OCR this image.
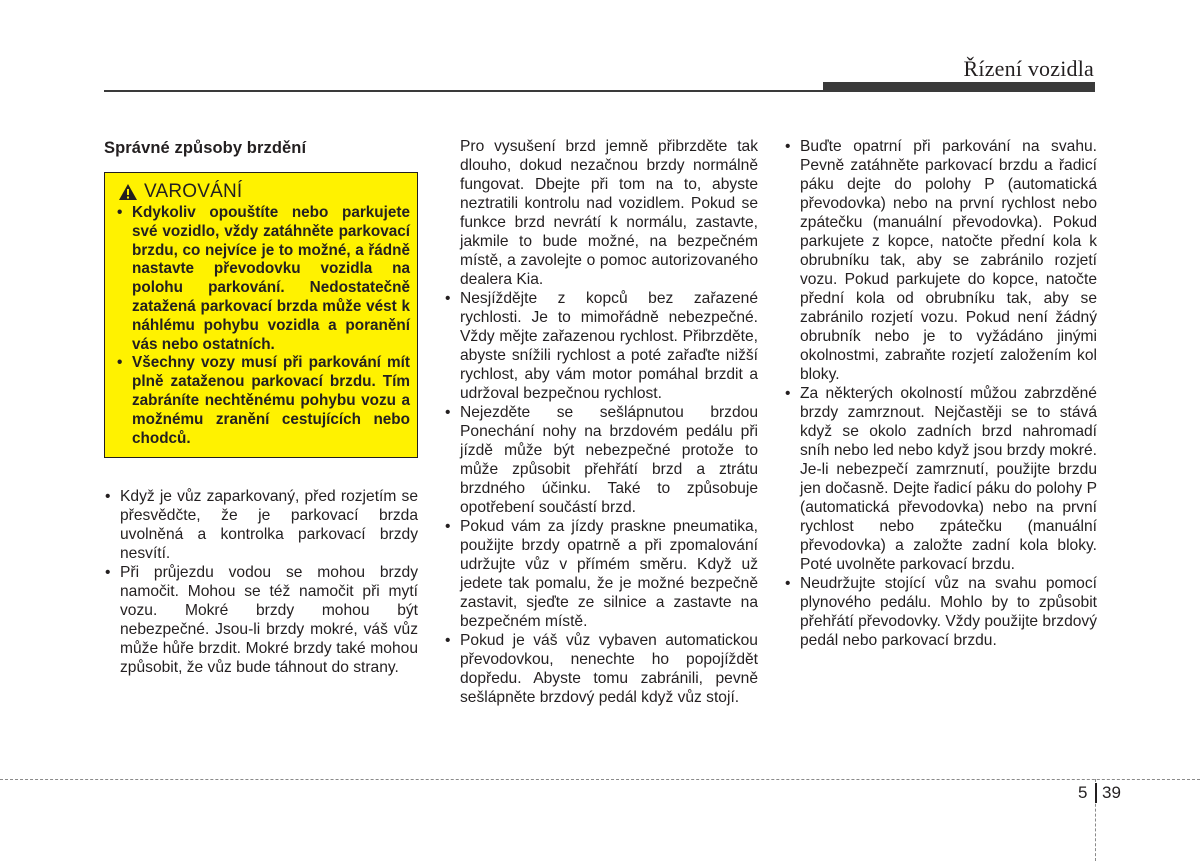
Řízení vozidla
Správné způsoby brzdění
VAROVÁNÍ
• Kdykoliv opouštíte nebo parkujete své vozidlo, vždy zatáhněte parkovací brzdu, co nejvíce je to možné, a řádně nastavte převodovku vozidla na polohu parkování. Nedostatečně zatažená parkovací brzda může vést k náhlému pohybu vozidla a poranění vás nebo ostatních.
• Všechny vozy musí při parkování mít plně zataženou parkovací brzdu. Tím zabráníte nechtěnému pohybu vozu a možnému zranění cestujících nebo chodců.
• Když je vůz zaparkovaný, před rozjetím se přesvědčte, že je parkovací brzda uvolněná a kontrolka parkovací brzdy nesvítí.
• Při průjezdu vodou se mohou brzdy namočit. Mohou se též namočit při mytí vozu. Mokré brzdy mohou být nebezpečné. Jsou-li brzdy mokré, váš vůz může hůře brzdit. Mokré brzdy také mohou způsobit, že vůz bude táhnout do strany.

Pro vysušení brzd jemně přibrzděte tak dlouho, dokud nezačnou brzdy normálně fungovat. Dbejte při tom na to, abyste neztratili kontrolu nad vozidlem. Pokud se funkce brzd nevrátí k normálu, zastavte, jakmile to bude možné, na bezpečném místě, a zavolejte o pomoc autorizovaného dealera Kia.

• Nesjíždějte z kopců bez zařazené rychlosti. Je to mimořádně nebezpečné. Vždy mějte zařazenou rychlost. Přibrzděte, abyste snížili rychlost a poté zařaďte nižší rychlost, aby vám motor pomáhal brzdit a udržoval bezpečnou rychlost.
• Nejezděte se sešlápnutou brzdou Ponechání nohy na brzdovém pedálu při jízdě může být nebezpečné protože to může způsobit přehřátí brzd a ztrátu brzdného účinku. Také to způsobuje opotřebení součástí brzd.
• Pokud vám za jízdy praskne pneumatika, použijte brzdy opatrně a při zpomalování udržujte vůz v přímém směru. Když už jedete tak pomalu, že je možné bezpečně zastavit, sjeďte ze silnice a zastavte na bezpečném místě.
• Pokud je váš vůz vybaven automatickou převodovkou, nenechte ho popojíždět dopředu. Abyste tomu zabránili, pevně sešlápněte brzdový pedál když vůz stojí.
• Buďte opatrní při parkování na svahu. Pevně zatáhněte parkovací brzdu a řadicí páku dejte do polohy P (automatická převodovka) nebo na první rychlost nebo zpátečku (manuální převodovka). Pokud parkujete z kopce, natočte přední kola k obrubníku tak, aby se zabránilo rozjetí vozu. Pokud parkujete do kopce, natočte přední kola od obrubníku tak, aby se zabránilo rozjetí vozu. Pokud není žádný obrubník nebo je to vyžádáno jinými okolnostmi, zabraňte rozjetí založením kol bloky.
• Za některých okolností můžou zabrzděné brzdy zamrznout. Nejčastěji se to stává když se okolo zadních brzd nahromadí sníh nebo led nebo když jsou brzdy mokré. Je-li nebezpečí zamrznutí, použijte brzdu jen dočasně. Dejte řadicí páku do polohy P (automatická převodovka) nebo na první rychlost nebo zpátečku (manuální převodovka) a založte zadní kola bloky. Poté uvolněte parkovací brzdu.
• Neudržujte stojící vůz na svahu pomocí plynového pedálu. Mohlo by to způsobit přehřátí převodovky. Vždy použijte brzdový pedál nebo parkovací brzdu.
5 39
